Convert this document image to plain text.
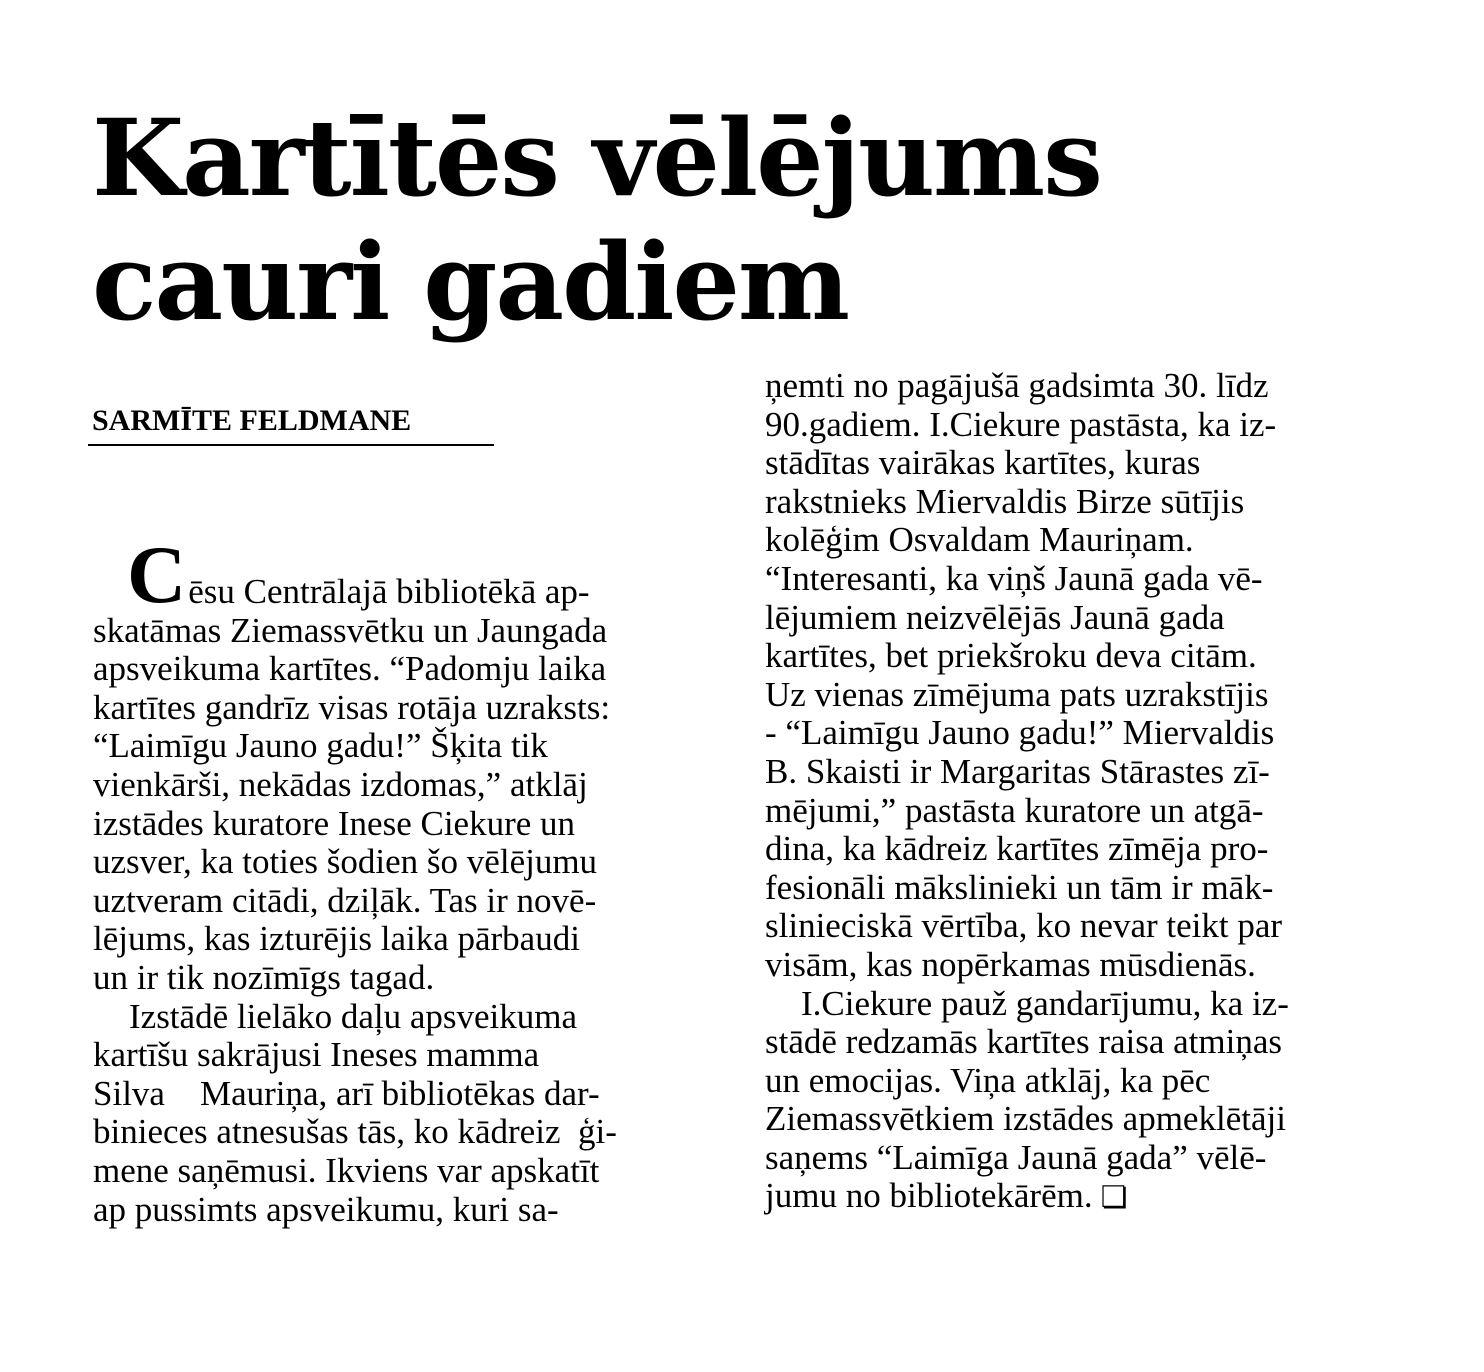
Kartītēs vēlējums
cauri gadiem
SARMĪTE FELDMANE
C ēsu Centrālajā bibliotēkā ap-
skatāmas Ziemassvētku un Jaungada
apsveikuma kartītes. “Padomju laika
kartītes gandrīz visas rotāja uzraksts:
“Laimīgu Jauno gadu!” Šķita tik
vienkārši, nekādas izdomas,” atklāj
izstādes kuratore Inese Ciekure un
uzsver, ka toties šodien šo vēlējumu
uztveram citādi, dziļāk. Tas ir novē-
lējums, kas izturējis laika pārbaudi
un ir tik nozīmīgs tagad.
Izstādē lielāko daļu apsveikuma
kartīšu sakrājusi Ineses mamma
Silva    Mauriņa, arī bibliotēkas dar-
binieces atnesušas tās, ko kādreiz  ģi-
mene saņēmusi. Ikviens var apskatīt
ap pussimts apsveikumu, kuri sa-
ņemti no pagājušā gadsimta 30. līdz
90.gadiem. I.Ciekure pastāsta, ka iz-
stādītas vairākas kartītes, kuras
rakstnieks Miervaldis Birze sūtījis
kolēģim Osvaldam Mauriņam.
“Interesanti, ka viņš Jaunā gada vē-
lējumiem neizvēlējās Jaunā gada
kartītes, bet priekšroku deva citām.
Uz vienas zīmējuma pats uzrakstījis
- “Laimīgu Jauno gadu!” Miervaldis
B. Skaisti ir Margaritas Stārastes zī-
mējumi,” pastāsta kuratore un atgā-
dina, ka kādreiz kartītes zīmēja pro-
fesionāli mākslinieki un tām ir māk-
slinieciskā vērtība, ko nevar teikt par
visām, kas nopērkamas mūsdienās.
I.Ciekure pauž gandarījumu, ka iz-
stādē redzamās kartītes raisa atmiņas
un emocijas. Viņa atklāj, ka pēc
Ziemassvētkiem izstādes apmeklētāji
saņems “Laimīga Jaunā gada” vēlē-
jumu no bibliotekārēm. ❏
